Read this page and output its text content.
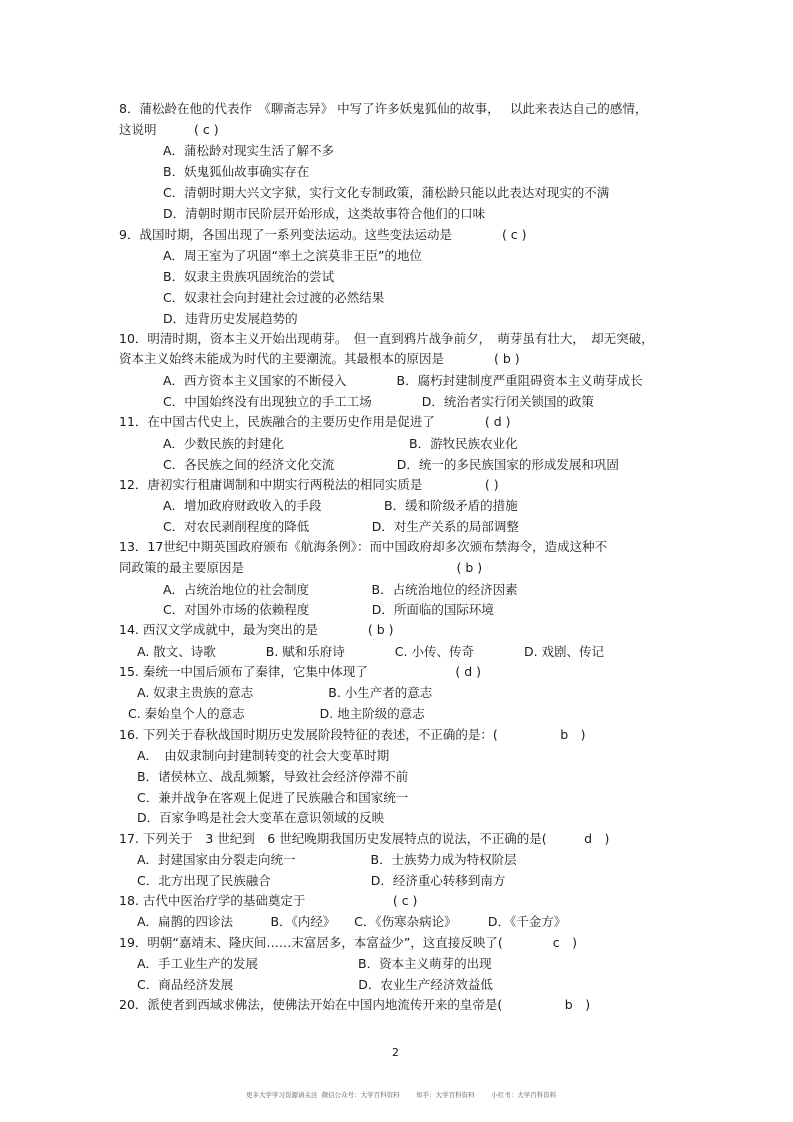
8．蒲松龄在他的代表作　《聊斋志异》 中写了许多妖鬼狐仙的故事，　 以此来表达自己的感情，
这说明　　　( c )
A．蒲松龄对现实生活了解不多
B．妖鬼狐仙故事确实存在
C．清朝时期大兴文字狱，实行文化专制政策，蒲松龄只能以此表达对现实的不满
D．清朝时期市民阶层开始形成，这类故事符合他们的口味
9．战国时期，各国出现了一系列变法运动。这些变法运动是　　　　( c )
A．周王室为了巩固“率土之滨莫非王臣”的地位
B．奴隶主贵族巩固统治的尝试
C．奴隶社会向封建社会过渡的必然结果
D．违背历史发展趋势的
10．明清时期，资本主义开始出现萌芽。　但一直到鸦片战争前夕，　萌芽虽有壮大，　却无突破，
资本主义始终未能成为时代的主要潮流。其最根本的原因是　　　　( b )
A．西方资本主义国家的不断侵入　　　　B．腐朽封建制度严重阻碍资本主义萌芽成长
C．中国始终没有出现独立的手工工场　　　　D．统治者实行闭关锁国的政策
11．在中国古代史上，民族融合的主要历史作用是促进了　　　　( d )
A．少数民族的封建化　　　　　　　　　　B．游牧民族农业化
C．各民族之间的经济文化交流　　　　　D．统一的多民族国家的形成发展和巩固
12．唐初实行租庸调制和中期实行两税法的相同实质是　　　　　( )
A．增加政府财政收入的手段　　　　　B．缓和阶级矛盾的措施
C．对农民剥削程度的降低　　　　　D．对生产关系的局部调整
13．17世纪中期英国政府颁布《航海条例》：而中国政府却多次颁布禁海令，造成这种不
同政策的最主要原因是　　　　　　　　　　　　　　　　　( b )
A．占统治地位的社会制度　　　　　B．占统治地位的经济因素
C．对国外市场的依赖程度　　　　　D．所面临的国际环境
14. 西汉文学成就中，最为突出的是　　　　( b )
A. 散文、诗歌　　　　B. 赋和乐府诗　　　　C. 小传、传奇　　　　D. 戏剧、传记
15. 秦统一中国后颁布了秦律，它集中体现了　　　　　　　( d )
A. 奴隶主贵族的意志　　　　　　B. 小生产者的意志
C. 秦始皇个人的意志　　　　　　D. 地主阶级的意志
16. 下列关于春秋战国时期历史发展阶段特征的表述，不正确的是：(　　　　　b　)
A．　由奴隶制向封建制转变的社会大变革时期
B．诸侯林立、战乱频繁，导致社会经济停滞不前
C．兼并战争在客观上促进了民族融合和国家统一
D．百家争鸣是社会大变革在意识领域的反映
17. 下列关于　3 世纪到　6 世纪晚期我国历史发展特点的说法，不正确的是(　　　d　)
A．封建国家由分裂走向统一　　　　　　B．士族势力成为特权阶层
C．北方出现了民族融合　　　　　　　　D．经济重心转移到南方
18. 古代中医治疗学的基础奠定于　　　　　　　( c )
A．扁鹊的四诊法　　　B．《内经》　　C．《伤寒杂病论》　　　D．《千金方》
19．明朝“嘉靖末、隆庆间……末富居多，本富益少”，这直接反映了(　　　　c　)
A．手工业生产的发展　　　　　　　　B．资本主义萌芽的出现
C．商品经济发展　　　　　　　　　　D．农业生产经济效益低
20．派使者到西域求佛法，使佛法开始在中国内地流传开来的皇帝是(　　　　　b　)
2
更多大学学习资源请关注  微信公众号：大学百科资料        知乎：大学百科资料        小红书：大学百科资料
